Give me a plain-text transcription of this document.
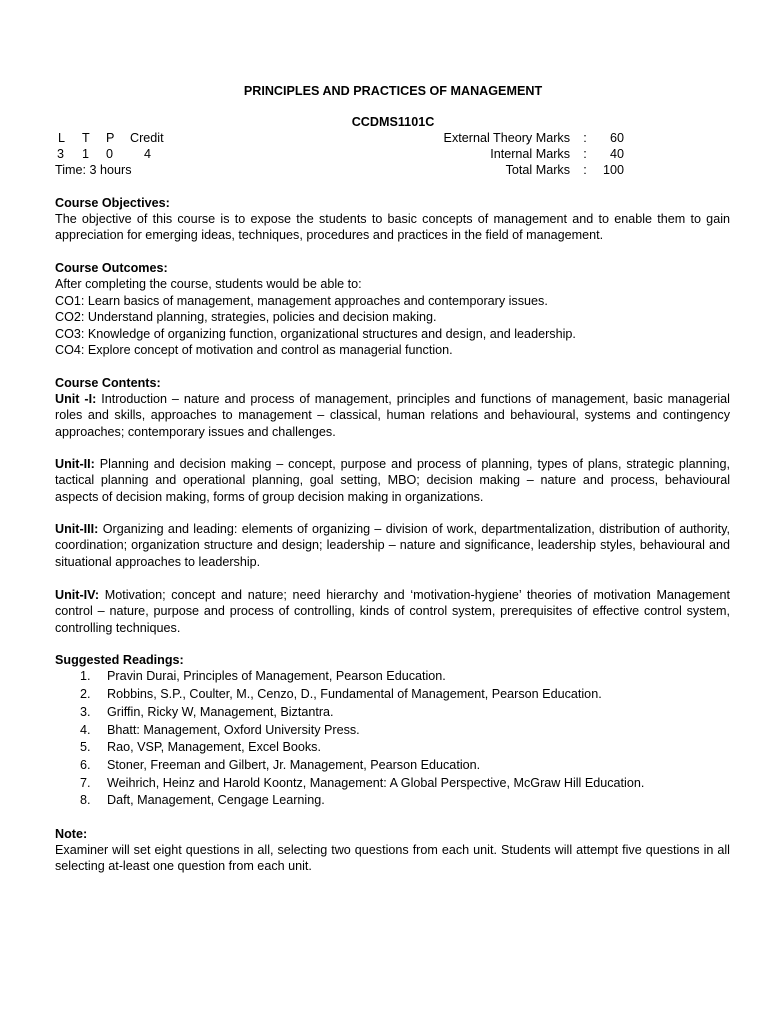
PRINCIPLES AND PRACTICES OF MANAGEMENT
CCDMS1101C
L T P Credit
3 1 0 4
Time: 3 hours
External Theory Marks :	60
Internal Marks :	40
Total Marks :	100
Course Objectives:
The objective of this course is to expose the students to basic concepts of management and to enable them to gain appreciation for emerging ideas, techniques, procedures and practices in the field of management.
Course Outcomes:
After completing the course, students would be able to:
CO1: Learn basics of management, management approaches and contemporary issues.
CO2: Understand planning, strategies, policies and decision making.
CO3: Knowledge of organizing function, organizational structures and design, and leadership.
CO4: Explore concept of motivation and control as managerial function.
Course Contents:
Unit -I: Introduction – nature and process of management, principles and functions of management, basic managerial roles and skills, approaches to management – classical, human relations and behavioural, systems and contingency approaches; contemporary issues and challenges.
Unit-II: Planning and decision making – concept, purpose and process of planning, types of plans, strategic planning, tactical planning and operational planning, goal setting, MBO; decision making – nature and process, behavioural aspects of decision making, forms of group decision making in organizations.
Unit-III: Organizing and leading: elements of organizing – division of work, departmentalization, distribution of authority, coordination; organization structure and design; leadership – nature and significance, leadership styles, behavioural and situational approaches to leadership.
Unit-IV: Motivation; concept and nature; need hierarchy and ‘motivation-hygiene’ theories of motivation Management control – nature, purpose and process of controlling, kinds of control system, prerequisites of effective control system, controlling techniques.
Suggested Readings:
1. Pravin Durai, Principles of Management, Pearson Education.
2. Robbins, S.P., Coulter, M., Cenzo, D., Fundamental of Management, Pearson Education.
3. Griffin, Ricky W, Management, Biztantra.
4. Bhatt: Management, Oxford University Press.
5. Rao, VSP, Management, Excel Books.
6. Stoner, Freeman and Gilbert, Jr. Management, Pearson Education.
7. Weihrich, Heinz and Harold Koontz, Management: A Global Perspective, McGraw Hill Education.
8. Daft, Management, Cengage Learning.
Note:
Examiner will set eight questions in all, selecting two questions from each unit. Students will attempt five questions in all selecting at-least one question from each unit.
